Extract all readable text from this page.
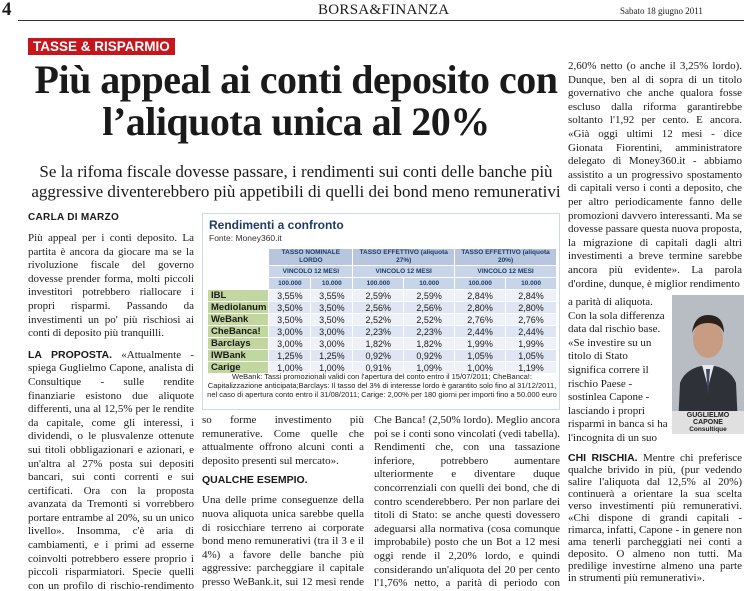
4	BORSA&FINANZA	Sabato 18 giugno 2011
TASSE & RISPARMIO
Più appeal ai conti deposito con l’aliquota unica al 20%
Se la rifoma fiscale dovesse passare, i rendimenti sui conti delle banche più aggressive diventerebbero più appetibili di quelli dei bond meno remunerativi
CARLA DI MARZO

Più appeal per i conti deposito. La partita è ancora da giocare ma se la rivoluzione fiscale del governo dovesse prender forma, molti piccoli investitori potrebbero riallocare i propri risparmi. Passando da investimenti un po' più rischiosi ai conti di deposito più tranquilli.

LA PROPOSTA. «Attualmente - spiega Guglielmo Capone, analista di Consultique - sulle rendite finanziarie esistono due aliquote differenti, una al 12,5% per le rendite da capitale, come gli interessi, i dividendi, o le plusvalenze ottenute sui titoli obbligazionari e azionari, e un'altra al 27% posta sui depositi bancari, sui conti correnti e sui certificati. Ora con la proposta avanzata da Tremonti si vorrebbero portare entrambe al 20%, su un unico livello». Insomma, c'è aria di cambiamenti, e i primi ad esserne coinvolti potrebbero essere proprio i piccoli risparmiatori. Specie quelli con un profilo di rischio-rendimento

Rendimenti a confronto
Fonte: Money360.it
	TASSO NOMINALE LORDO		TASSO EFFETTIVO (aliquota 27%)		TASSO EFFETTIVO (aliquota 20%)	
	VINCOLO 12 MESI		VINCOLO 12 MESI		VINCOLO 12 MESI	
	100.000	10.000	100.000	10.000	100.000	10.000
IBL	3,55%	3,55%	2,59%	2,59%	2,84%	2,84%
Mediolanum	3,50%	3,50%	2,56%	2,56%	2,80%	2,80%
WeBank	3,50%	3,50%	2,52%	2,52%	2,76%	2,76%
CheBanca!	3,00%	3,00%	2,23%	2,23%	2,44%	2,44%
Barclays	3,00%	3,00%	1,82%	1,82%	1,99%	1,99%
IWBank	1,25%	1,25%	0,92%	0,92%	1,05%	1,05%
Carige	1,00%	1,00%	0,91%	1,09%	1,00%	1,19%
WeBank: Tassi promozionali validi con l'apertura del conto entro il 15/07/2011; CheBanca!: Capitalizzazione anticipata;Barclays: Il tasso del 3% di interesse lordo è garantito solo fino al 31/12/2011, nel caso di apertura conto entro il 31/08/2011; Carige: 2,00% per 180 giorni per importi fino a 50.000 euro

so forme investimento più remunerative. Come quelle che attualmente offrono alcuni conti a deposito presenti sul mercato».

QUALCHE ESEMPIO.

Una delle prime conseguenze della nuova aliquota unica sarebbe quella di rosicchiare terreno ai corporate bond meno remunerativi (tra il 3 e il 4%) a favore delle banche più aggressive: parcheggiare il capitale presso WeBank.it, sui 12 mesi rende

Che Banca! (2,50% lordo). Meglio ancora poi se i conti sono vincolati (vedi tabella). Rendimenti che, con una tassazione inferiore, potrebbero aumentare ulteriormente e diventare duque concorrenziali con quelli dei bond, che di contro scenderebbero. Per non parlare dei titoli di Stato: se anche questi dovessero adeguarsi alla normativa (cosa comunque improbabile) posto che un Bot a 12 mesi oggi rende il 2,20% lordo, e quindi considerando un'aliquota del 20 per cento l'1,76% netto, a parità di periodo con

2,60% netto (o anche il 3,25% lordo). Dunque, ben al di sopra di un titolo governativo che anche qualora fosse escluso dalla riforma garantirebbe soltanto l'1,92 per cento. E ancora. «Già oggi ultimi 12 mesi - dice Gionata Fiorentini, amministratore delegato di Money360.it - abbiamo assistito a un progressivo spostamento di capitali verso i conti a deposito, che per altro periodicamente fanno delle promozioni davvero interessanti. Ma se dovesse passare questa nuova proposta, la migrazione di capitali dagli altri investimenti a breve termine sarebbe ancora più evidente». La parola d'ordine, dunque, è miglior rendimento

GUGLIELMO CAPONE
Consultique

a parità di aliquota. Con la sola differenza data dal rischio base. «Se investire su un titolo di Stato significa correre il rischio Paese - sostinlea Capone - lasciando i propri risparmi in banca si ha l'incognita di un suo

CHI RISCHIA. Mentre chi preferisce qualche brivido in più, (pur vedendo salire l'aliquota dal 12,5% al 20%) continuerà a orientare la sua scelta verso investimenti più remunerativi. «Chi dispone di grandi capitali - rimarca, infatti, Capone - in genere non ama tenerli parcheggiati nei conti a deposito. O almeno non tutti. Ma predilige investirne almeno una parte in strumenti più remunerativi».
